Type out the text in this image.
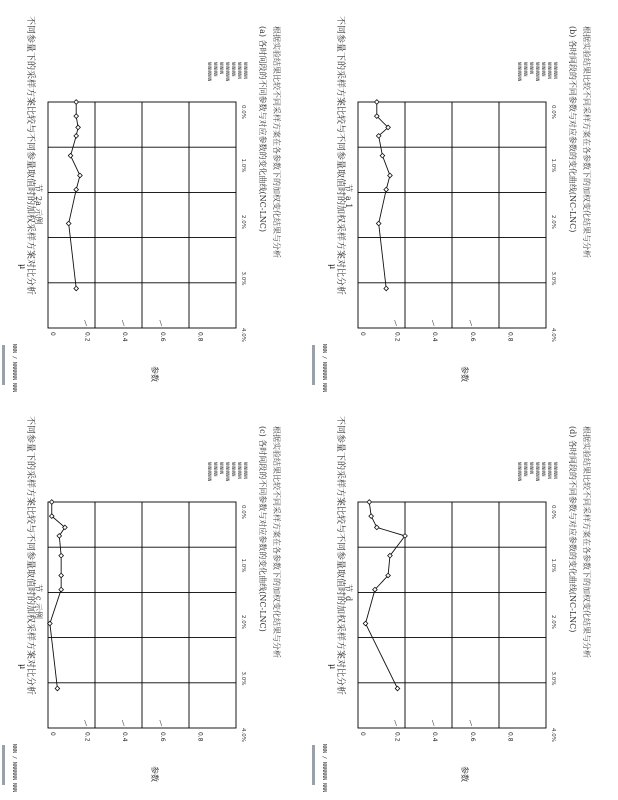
0	0.2	0.4	0.6	0.8
0.0%
1.0%
2.0%
3.0%
4.0%
不同参量下的采样方案比较与不同参量取值时的加权采样方案对比分析
μ
节_2a 示例	(a) 各时间段的不同参数与对应参数的变化曲线(NC-LNC) 根据实验结果比较不同采样方案在各参数下的加权变化结果与分析
参数
NNN / NNNNNN NNN
NNNNNNN
NNNNNNN
NNNNNN
NNNNNNNN
NNNNN
NNNNNN
NNNNNNNN
0	0.2	0.4	0.6	0.8
0.0%
1.0%
2.0%
3.0%
4.0%
不同参量下的采样方案比较与不同参量取值时的加权采样方案对比分析
μ
节_a 1	(b) 各时间段的不同参数与对应参数的变化曲线(NC-LNC) 根据实验结果比较不同采样方案在各参数下的加权变化结果与分析
参数
NNN / NNNNNN NNN
NNNNNNN
NNNNNNN
NNNNNN
NNNNNNNN
NNNNN
NNNNNN
NNNNNNNN
0	0.2	0.4	0.6	0.8
0.0%
1.0%
2.0%
3.0%
4.0%
不同参量下的采样方案比较与不同参量取值时的加权采样方案对比分析
μ
节_c 示例	(c) 各时间段的不同参数与对应参数的变化曲线(NC-LNC) 根据实验结果比较不同采样方案在各参数下的加权变化结果与分析
参数
NNN / NNNNNN NNN
NNNNNNN
NNNNNNN
NNNNNN
NNNNNNNN
NNNNN
NNNNNN
NNNNNNNN
0	0.2	0.4	0.6	0.8
0.0%
1.0%
2.0%
3.0%
4.0%
不同参量下的采样方案比较与不同参量取值时的加权采样方案对比分析
μ
节_d	(d) 各时间段的不同参数与对应参数的变化曲线(NC-LNC) 根据实验结果比较不同采样方案在各参数下的加权变化结果与分析
参数
NNN / NNNNNN NNN
NNNNNNN
NNNNNNN
NNNNNN
NNNNNNNN
NNNNN
NNNNNN
NNNNNNNN
